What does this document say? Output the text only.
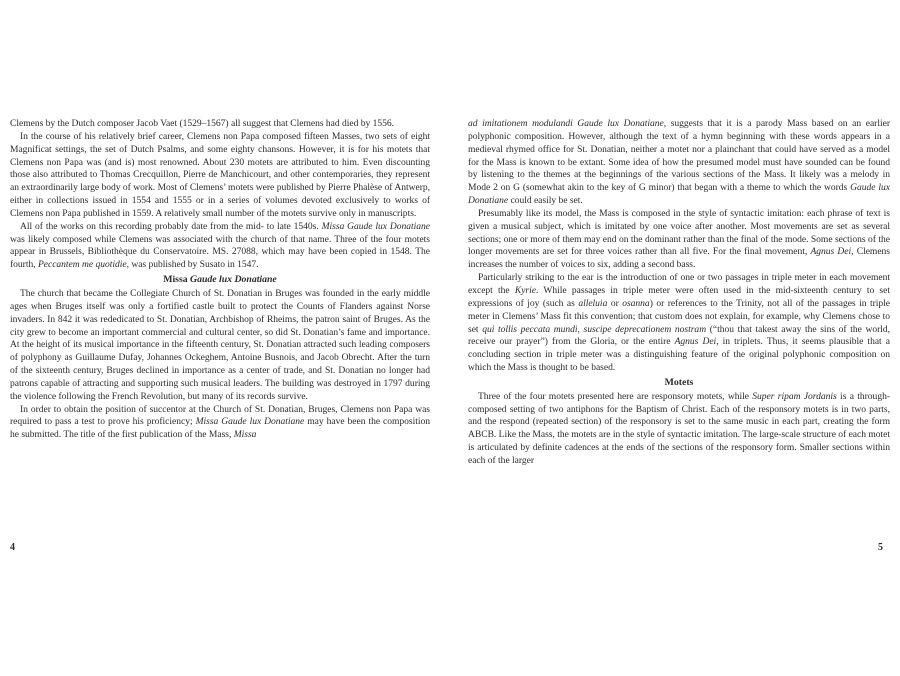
Clemens by the Dutch composer Jacob Vaet (1529–1567) all suggest that Clemens had died by 1556.

In the course of his relatively brief career, Clemens non Papa composed fifteen Masses, two sets of eight Magnificat settings, the set of Dutch Psalms, and some eighty chansons. However, it is for his motets that Clemens non Papa was (and is) most renowned. About 230 motets are attributed to him. Even discounting those also attributed to Thomas Crecquillon, Pierre de Manchicourt, and other contemporaries, they represent an extraordinarily large body of work. Most of Clemens’ motets were published by Pierre Phalèse of Antwerp, either in collections issued in 1554 and 1555 or in a series of volumes devoted exclusively to works of Clemens non Papa published in 1559. A relatively small number of the motets survive only in manuscripts.

All of the works on this recording probably date from the mid- to late 1540s. Missa Gaude lux Donatiane was likely composed while Clemens was associated with the church of that name. Three of the four motets appear in Brussels, Bibliothèque du Conservatoire. MS. 27088, which may have been copied in 1548. The fourth, Peccantem me quotidie, was published by Susato in 1547.

Missa Gaude lux Donatiane

The church that became the Collegiate Church of St. Donatian in Bruges was founded in the early middle ages when Bruges itself was only a fortified castle built to protect the Counts of Flanders against Norse invaders. In 842 it was rededicated to St. Donatian, Archbishop of Rheims, the patron saint of Bruges. As the city grew to become an important commercial and cultural center, so did St. Donatian’s fame and importance. At the height of its musical importance in the fifteenth century, St. Donatian attracted such leading composers of polyphony as Guillaume Dufay, Johannes Ockeghem, Antoine Busnois, and Jacob Obrecht. After the turn of the sixteenth century, Bruges declined in importance as a center of trade, and St. Donatian no longer had patrons capable of attracting and supporting such musical leaders. The building was destroyed in 1797 during the violence following the French Revolution, but many of its records survive.

In order to obtain the position of succentor at the Church of St. Donatian, Bruges, Clemens non Papa was required to pass a test to prove his proficiency; Missa Gaude lux Donatiane may have been the composition he submitted. The title of the first publication of the Mass, Missa

4

ad imitationem modulandi Gaude lux Donatiane, suggests that it is a parody Mass based on an earlier polyphonic composition. However, although the text of a hymn beginning with these words appears in a medieval rhymed office for St. Donatian, neither a motet nor a plainchant that could have served as a model for the Mass is known to be extant. Some idea of how the presumed model must have sounded can be found by listening to the themes at the beginnings of the various sections of the Mass. It likely was a melody in Mode 2 on G (somewhat akin to the key of G minor) that began with a theme to which the words Gaude lux Donatiane could easily be set.

Presumably like its model, the Mass is composed in the style of syntactic imitation: each phrase of text is given a musical subject, which is imitated by one voice after another. Most movements are set as several sections; one or more of them may end on the dominant rather than the final of the mode. Some sections of the longer movements are set for three voices rather than all five. For the final movement, Agnus Dei, Clemens increases the number of voices to six, adding a second bass.

Particularly striking to the ear is the introduction of one or two passages in triple meter in each movement except the Kyrie. While passages in triple meter were often used in the mid-sixteenth century to set expressions of joy (such as alleluia or osanna) or references to the Trinity, not all of the passages in triple meter in Clemens’ Mass fit this convention; that custom does not explain, for example, why Clemens chose to set qui tollis peccata mundi, suscipe deprecationem nostram (“thou that takest away the sins of the world, receive our prayer”) from the Gloria, or the entire Agnus Dei, in triplets. Thus, it seems plausible that a concluding section in triple meter was a distinguishing feature of the original polyphonic composition on which the Mass is thought to be based.

Motets

Three of the four motets presented here are responsory motets, while Super ripam Jordanis is a through-composed setting of two antiphons for the Baptism of Christ. Each of the responsory motets is in two parts, and the respond (repeated section) of the responsory is set to the same music in each part, creating the form ABCB. Like the Mass, the motets are in the style of syntactic imitation. The large-scale structure of each motet is articulated by definite cadences at the ends of the sections of the responsory form. Smaller sections within each of the larger

5
